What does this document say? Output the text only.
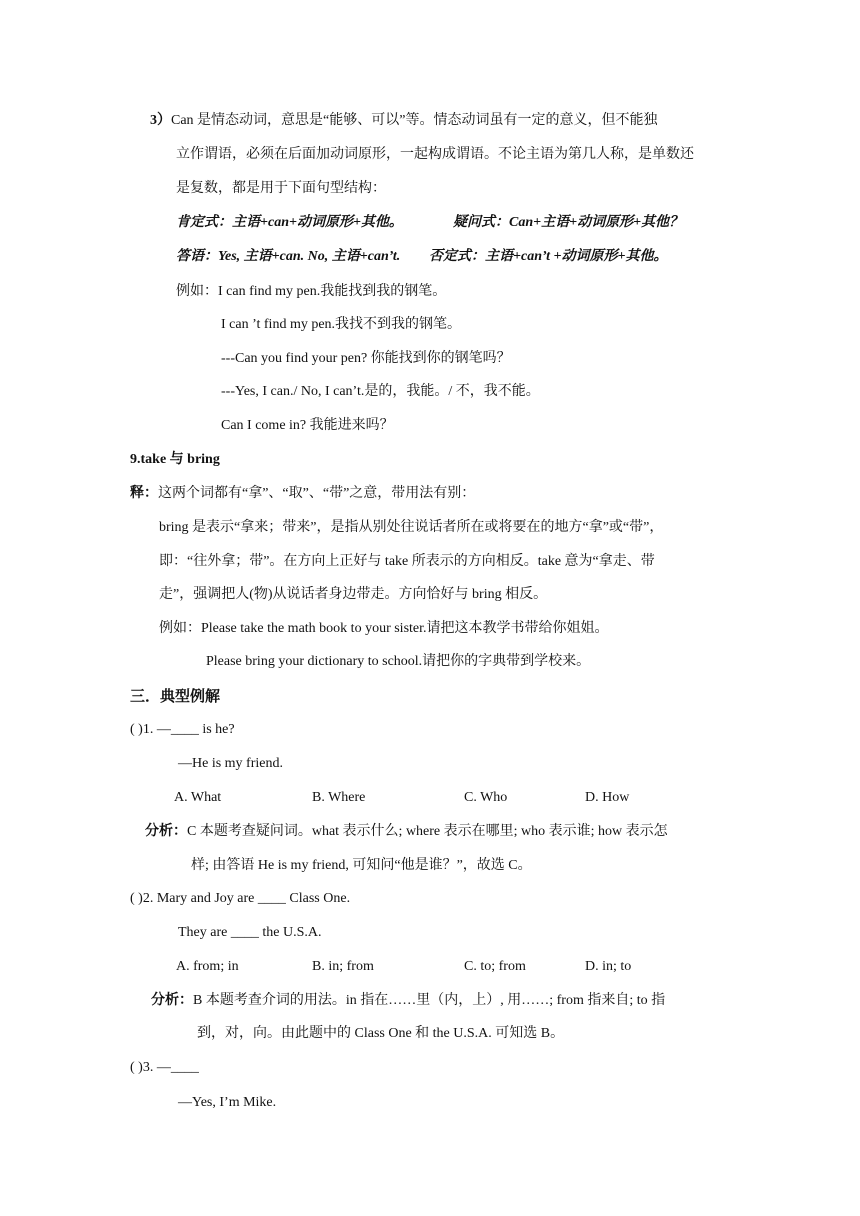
3）Can 是情态动词，意思是“能够、可以”等。情态动词虽有一定的意义，但不能独
立作谓语，必须在后面加动词原形，一起构成谓语。不论主语为第几人称，是单数还
是复数，都是用于下面句型结构：
肯定式：主语+can+动词原形+其他。	疑问式：Can+主语+动词原形+其他？
答语：Yes, 主语+can. No, 主语+can’t. 否定式：主语+can’t +动词原形+其他。
例如：I can find my pen.我能找到我的钢笔。
I can ’t find my pen.我找不到我的钢笔。
---Can you find your pen? 你能找到你的钢笔吗？
---Yes, I can./ No, I can’t.是的，我能。/ 不，我不能。
Can I come in? 我能进来吗？
9.take 与 bring
释：这两个词都有“拿”、“取”、“带”之意，带用法有别：
bring 是表示“拿来；带来”，是指从别处往说话者所在或将要在的地方“拿”或“带”，
即：“往外拿；带”。在方向上正好与 take 所表示的方向相反。take 意为“拿走、带
走”，强调把人(物)从说话者身边带走。方向恰好与 bring 相反。
例如：Please take the math book to your sister.请把这本教学书带给你姐姐。
Please bring your dictionary to school.请把你的字典带到学校来。
三．典型例解
( )1. —____ is he?
—He is my friend.
A. What	B. Where	C. Who	D. How
分析：C 本题考查疑问词。what 表示什么; where 表示在哪里; who 表示谁; how 表示怎
样; 由答语 He is my friend, 可知问“他是谁？”，故选 C。
( )2. Mary and Joy are ____ Class One.
They are ____ the U.S.A.
A. from; in	B. in; from	C. to; from	D. in; to
分析：B 本题考查介词的用法。in 指在……里（内，上）, 用……; from 指来自; to 指
到，对，向。由此题中的 Class One 和 the U.S.A. 可知选 B。
( )3. —____
—Yes, I’m Mike.
